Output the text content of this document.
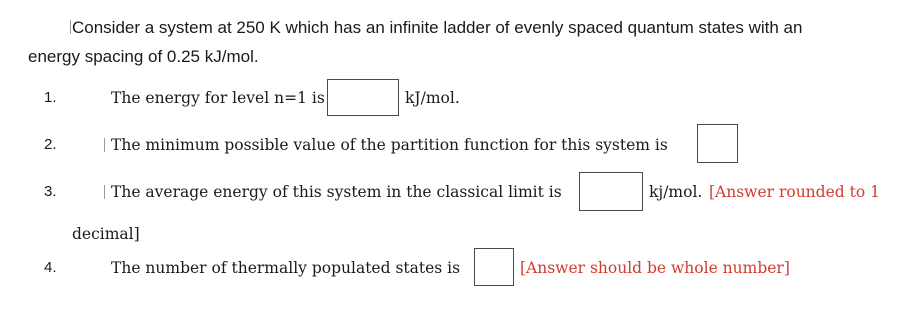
Consider a system at 250 K which has an infinite ladder of evenly spaced quantum states with an
energy spacing of 0.25 kJ/mol.
1.	The energy for level n=1 is	kJ/mol.
2.	The minimum possible value of the partition function for this system is
3.	The average energy of this system in the classical limit is	kj/mol. [Answer rounded to 1
decimal]
4.	The number of thermally populated states is	[Answer should be whole number]
